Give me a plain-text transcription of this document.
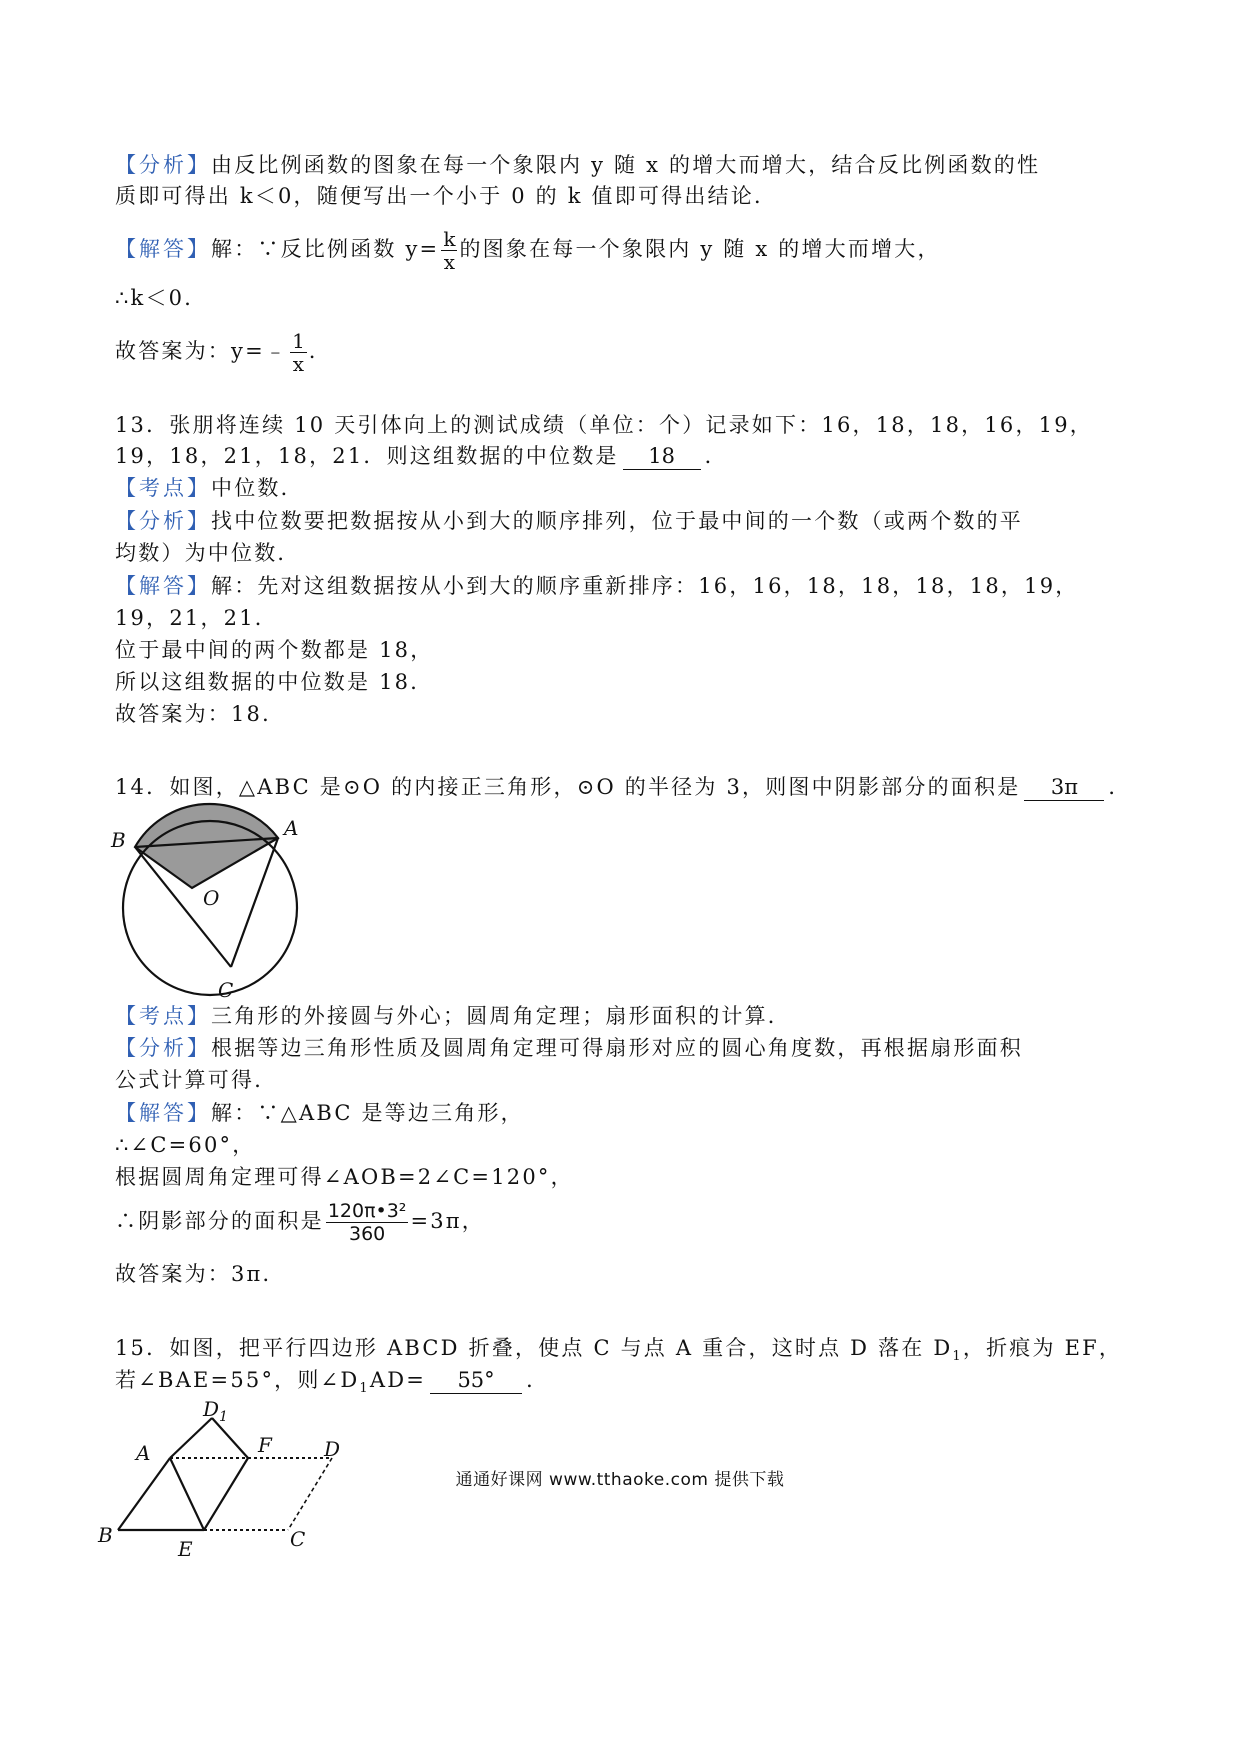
【分析】由反比例函数的图象在每一个象限内 y 随 x 的增大而增大，结合反比例函数的性
质即可得出 k＜0，随便写出一个小于 0 的 k 值即可得出结论．
【解答】解：∵反比例函数 $y= \frac{k}{x}$ 的图象在每一个象限内 y 随 x 的增大而增大，
∴k＜0．
故答案为：y=﹣ $\frac{1}{x}$ .
13．张朋将连续 10 天引体向上的测试成绩（单位：个）记录如下：16，18，18，16，19，
19，18，21，18，21．则这组数据的中位数是 18 ．
【考点】中位数．
【分析】找中位数要把数据按从小到大的顺序排列，位于最中间的一个数（或两个数的平
均数）为中位数．
【解答】解：先对这组数据按从小到大的顺序重新排序：16，16，18，18，18，18，19，
19，21，21．
位于最中间的两个数都是 18，
所以这组数据的中位数是 18．
故答案为：18．
14．如图，△ABC 是⊙O 的内接正三角形，⊙O 的半径为 3，则图中阴影部分的面积是 3π ．
B	A
O
C
【考点】三角形的外接圆与外心；圆周角定理；扇形面积的计算．
【分析】根据等边三角形性质及圆周角定理可得扇形对应的圆心角度数，再根据扇形面积
公式计算可得．
【解答】解：∵△ABC 是等边三角形，
∴∠C=60°，
根据圆周角定理可得∠AOB=2∠C=120°，
∴阴影部分的面积是 $\frac{\text{120π•3²}}{360} =3\pi$，
故答案为：3π．
15．如图，把平行四边形 ABCD 折叠，使点 C 与点 A 重合，这时点 D 落在 $D_1$，折痕为 EF，
若∠BAE=55°，则$\angle D_1AD= 55^\circ$ ．
B
E	C
A	F	D
$D_1$
通通好课网 www.tthaoke.com 提供下载
